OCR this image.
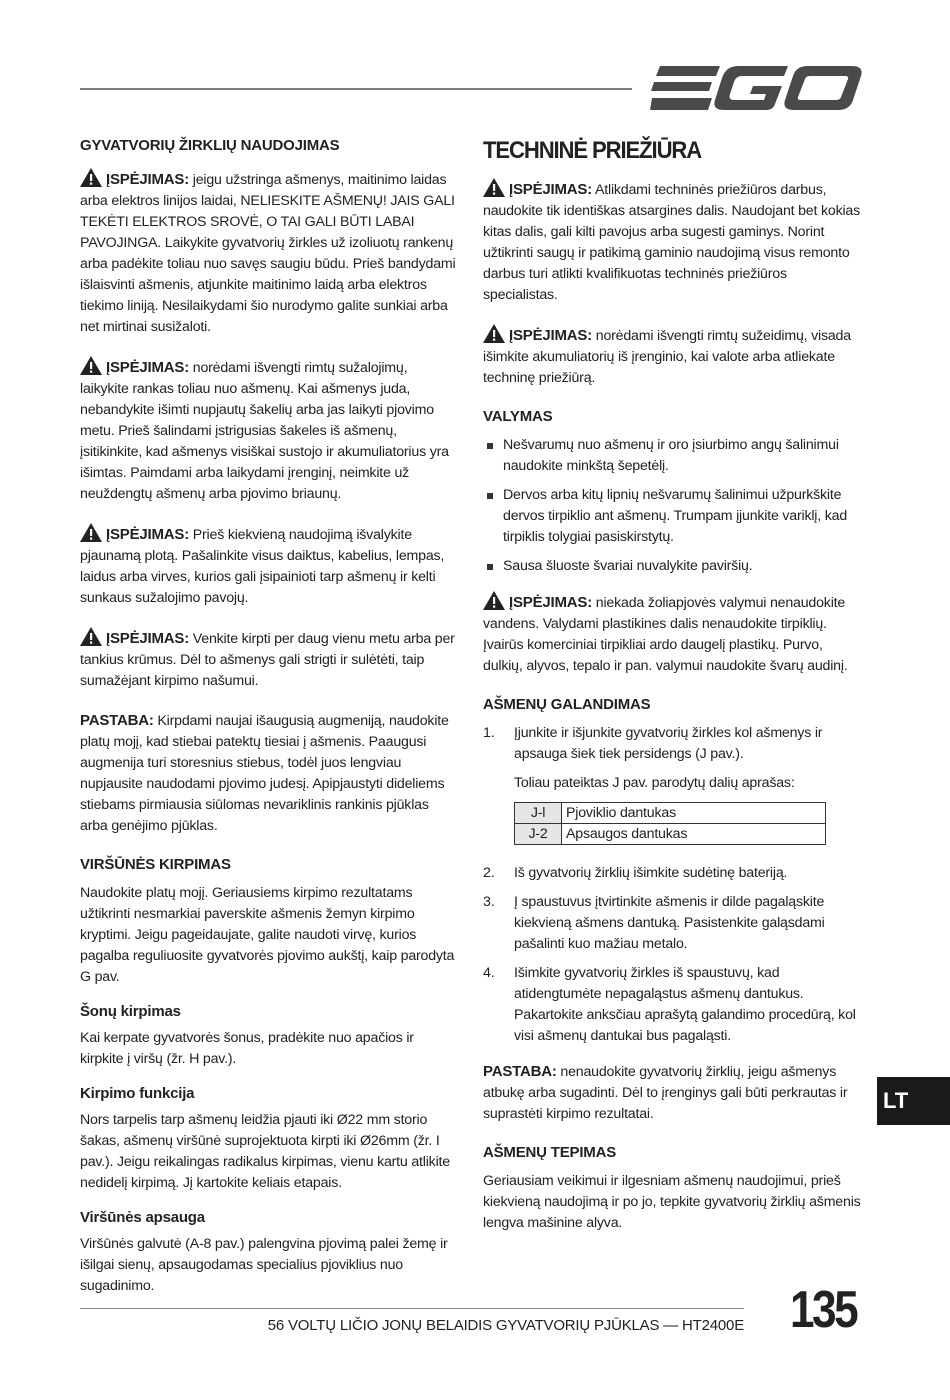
GYVATVORIŲ ŽIRKLIŲ NAUDOJIMAS

ĮSPĖJIMAS: jeigu užstringa ašmenys, maitinimo laidas arba elektros linijos laidai, NELIESKITE AŠMENŲ! JAIS GALI TEKĖTI ELEKTROS SROVĖ, O TAI GALI BŪTI LABAI PAVOJINGA. Laikykite gyvatvorių žirkles už izoliuotų rankenų arba padėkite toliau nuo savęs saugiu būdu. Prieš bandydami išlaisvinti ašmenis, atjunkite maitinimo laidą arba elektros tiekimo liniją. Nesilaikydami šio nurodymo galite sunkiai arba net mirtinai susižaloti.

ĮSPĖJIMAS: norėdami išvengti rimtų sužalojimų, laikykite rankas toliau nuo ašmenų. Kai ašmenys juda, nebandykite išimti nupjautų šakelių arba jas laikyti pjovimo metu. Prieš šalindami įstrigusias šakeles iš ašmenų, įsitikinkite, kad ašmenys visiškai sustojo ir akumuliatorius yra išimtas. Paimdami arba laikydami įrenginį, neimkite už neuždengtų ašmenų arba pjovimo briaunų.

ĮSPĖJIMAS: Prieš kiekvieną naudojimą išvalykite pjaunamą plotą. Pašalinkite visus daiktus, kabelius, lempas, laidus arba virves, kurios gali įsipainioti tarp ašmenų ir kelti sunkaus sužalojimo pavojų.

ĮSPĖJIMAS: Venkite kirpti per daug vienu metu arba per tankius krūmus. Dėl to ašmenys gali strigti ir sulėtėti, taip sumažėjant kirpimo našumui.

PASTABA: Kirpdami naujai išaugusią augmeniją, naudokite platų mojį, kad stiebai patektų tiesiai į ašmenis. Paaugusi augmenija turi storesnius stiebus, todėl juos lengviau nupjausite naudodami pjovimo judesį. Apipjaustyti dideliems stiebams pirmiausia siūlomas nevariklinis rankinis pjūklas arba genėjimo pjūklas.

VIRŠŪNĖS KIRPIMAS

Naudokite platų mojį. Geriausiems kirpimo rezultatams užtikrinti nesmarkiai paverskite ašmenis žemyn kirpimo kryptimi. Jeigu pageidaujate, galite naudoti virvę, kurios pagalba reguliuosite gyvatvorės pjovimo aukštį, kaip parodyta G pav.

Šonų kirpimas

Kai kerpate gyvatvorės šonus, pradėkite nuo apačios ir kirpkite į viršų (žr. H pav.).

Kirpimo funkcija

Nors tarpelis tarp ašmenų leidžia pjauti iki Ø22 mm storio šakas, ašmenų viršūnė suprojektuota kirpti iki Ø26mm (žr. I pav.). Jeigu reikalingas radikalus kirpimas, vienu kartu atlikite nedidelį kirpimą. Jį kartokite keliais etapais.

Viršūnės apsauga

Viršūnės galvutė (A-8 pav.) palengvina pjovimą palei žemę ir išilgai sienų, apsaugodamas specialius pjoviklius nuo sugadinimo.

TECHNINĖ PRIEŽIŪRA

ĮSPĖJIMAS: Atlikdami techninės priežiūros darbus, naudokite tik identiškas atsargines dalis. Naudojant bet kokias kitas dalis, gali kilti pavojus arba sugesti gaminys. Norint užtikrinti saugų ir patikimą gaminio naudojimą visus remonto darbus turi atlikti kvalifikuotas techninės priežiūros specialistas.

ĮSPĖJIMAS: norėdami išvengti rimtų sužeidimų, visada išimkite akumuliatorių iš įrenginio, kai valote arba atliekate techninę priežiūrą.

VALYMAS
Nešvarumų nuo ašmenų ir oro įsiurbimo angų šalinimui naudokite minkštą šepetėlį.
Dervos arba kitų lipnių nešvarumų šalinimui užpurkškite dervos tirpiklio ant ašmenų. Trumpam įjunkite variklį, kad tirpiklis tolygiai pasiskirstytų.
Sausa šluoste švariai nuvalykite paviršių.

ĮSPĖJIMAS: niekada žoliapjovės valymui nenaudokite vandens. Valydami plastikines dalis nenaudokite tirpiklių. Įvairūs komerciniai tirpikliai ardo daugelį plastikų. Purvo, dulkių, alyvos, tepalo ir pan. valymui naudokite švarų audinį.

AŠMENŲ GALANDIMAS
1. Įjunkite ir išjunkite gyvatvorių žirkles kol ašmenys ir apsauga šiek tiek persidengs (J pav.).
Toliau pateiktas J pav. parodytų dalių aprašas:
J-l	Pjoviklio dantukas
J-2	Apsaugos dantukas
2. Iš gyvatvorių žirklių išimkite sudėtinę bateriją.
3. Į spaustuvus įtvirtinkite ašmenis ir dilde pagaląskite kiekvieną ašmens dantuką. Pasistenkite galąsdami pašalinti kuo mažiau metalo.
4. Išimkite gyvatvorių žirkles iš spaustuvų, kad atidengtumėte nepagaląstus ašmenų dantukus. Pakartokite anksčiau aprašytą galandimo procedūrą, kol visi ašmenų dantukai bus pagaląsti.

PASTABA: nenaudokite gyvatvorių žirklių, jeigu ašmenys atbukę arba sugadinti. Dėl to įrenginys gali būti perkrautas ir suprastėti kirpimo rezultatai.

AŠMENŲ TEPIMAS

Geriausiam veikimui ir ilgesniam ašmenų naudojimui, prieš kiekvieną naudojimą ir po jo, tepkite gyvatvorių žirklių ašmenis lengva mašinine alyva.

LT
56 VOLTŲ LIČIO JONŲ BELAIDIS GYVATVORIŲ PJŪKLAS — HT2400E 135
